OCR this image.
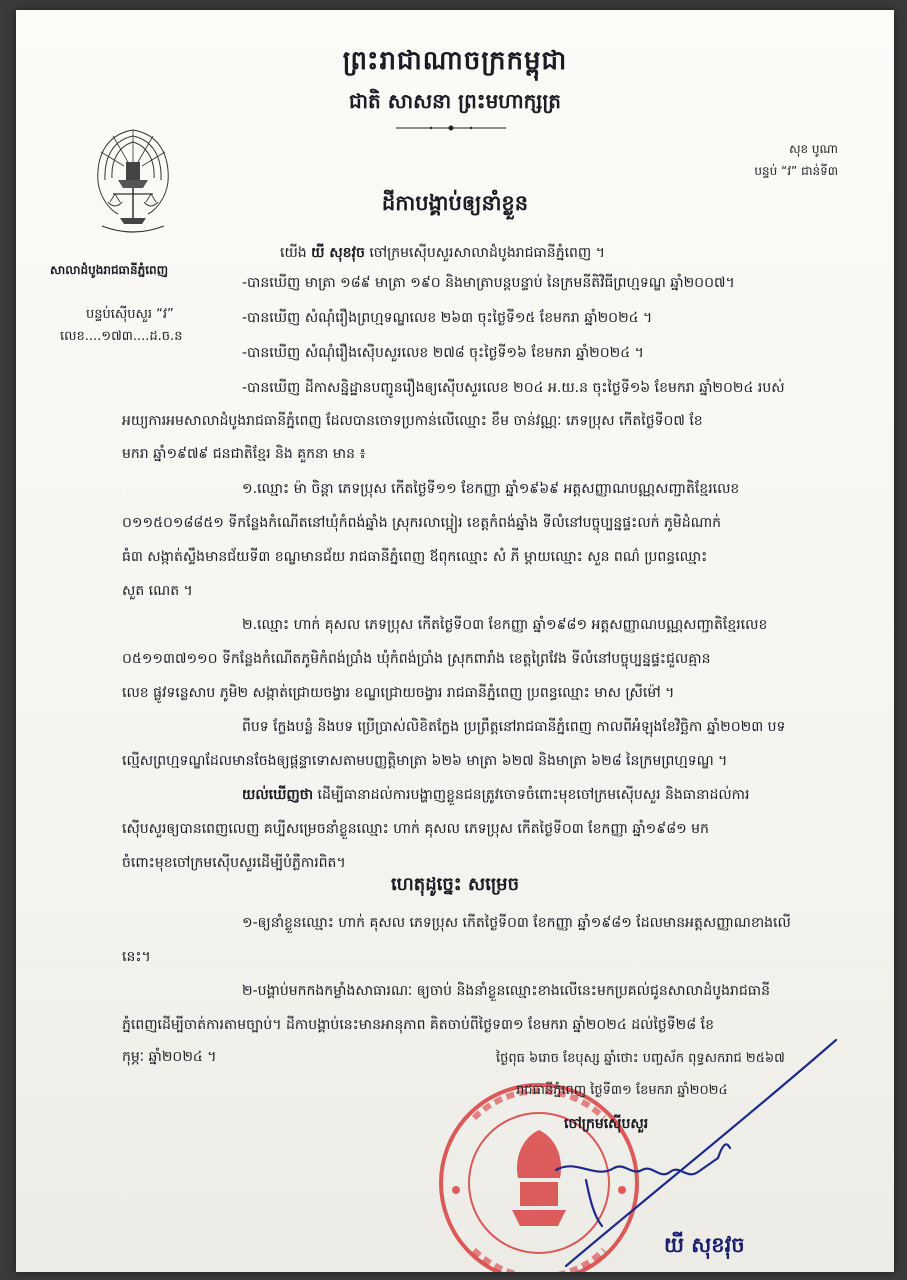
ព្រះរាជាណាចក្រកម្ពុជា
ជាតិ សាសនា ព្រះមហាក្សត្រ
សាលាដំបូងរាជធានីភ្នំពេញ
បន្ទប់ស៊ើបសួរ “វ”
លេខ....១៧៣....ដ.ច.ន
សុខ បូណា
បន្ទប់ “វ” ជាន់ទី៣
ដីកាបង្គាប់ឲ្យនាំខ្លួន
យើង យី សុខវុច ចៅក្រមស៊ើបសួរសាលាដំបូងរាជធានីភ្នំពេញ ។
-បានឃើញ មាត្រា ១៨៩ មាត្រា ១៩០ និងមាត្រាបន្តបន្ទាប់ នៃក្រមនីតិវិធីព្រហ្មទណ្ឌ ឆ្នាំ២០០៧។
-បានឃើញ សំណុំរឿងព្រហ្មទណ្ឌលេខ ២៦៣ ចុះថ្ងៃទី១៥ ខែមករា ឆ្នាំ២០២៤ ។
-បានឃើញ សំណុំរឿងស៊ើបសួរលេខ ២៧៨ ចុះថ្ងៃទី១៦ ខែមករា ឆ្នាំ២០២៤ ។
-បានឃើញ ដីកាសន្និដ្ឋានបញ្ជូនរឿងឲ្យស៊ើបសួរលេខ ២០៤ អ.យ.ន ចុះថ្ងៃទី១៦ ខែមករា ឆ្នាំ២០២៤ របស់
អយ្យការអមសាលាដំបូងរាជធានីភ្នំពេញ ដែលបានចោទប្រកាន់លើឈ្មោះ ខឹម ចាន់វណ្ណៈ ភេទប្រុស កើតថ្ងៃទី០៧ ខែ
មករា ឆ្នាំ១៩៧៩ ជនជាតិខ្មែរ និង គួកនា មាន ៖
១.ឈ្មោះ ម៉ា ចិន្តា ភេទប្រុស កើតថ្ងៃទី១១ ខែកញ្ញា ឆ្នាំ១៩៦៩ អត្តសញ្ញាណបណ្ណសញ្ជាតិខ្មែរលេខ
០១១៥០១៨៨៥១ ទីកន្លែងកំណើតនៅឃុំកំពង់ឆ្នាំង ស្រុករលាប្អៀរ ខេត្តកំពង់ឆ្នាំង ទីលំនៅបច្ចុប្បន្នផ្ទះលក់ ភូមិដំណាក់
ធំ៣ សង្កាត់ស្ទឹងមានជ័យទី៣ ខណ្ឌមានជ័យ រាជធានីភ្នំពេញ ឪពុកឈ្មោះ សំ ភី ម្ដាយឈ្មោះ សួន ពណ៌ ប្រពន្ធឈ្មោះ
សួត ណេត ។
២.ឈ្មោះ ហាក់ គុសល ភេទប្រុស កើតថ្ងៃទី០៣ ខែកញ្ញា ឆ្នាំ១៩៨១ អត្តសញ្ញាណបណ្ណសញ្ជាតិខ្មែរលេខ
០៥១១៣៧១១០ ទីកន្លែងកំណើតភូមិកំពង់ប្រាំង ឃុំកំពង់ប្រាំង ស្រុកពារាំង ខេត្តព្រៃវែង ទីលំនៅបច្ចុប្បន្នផ្ទះជួលគ្មាន
លេខ ផ្លូវទន្លេសាប ភូមិ២ សង្កាត់ជ្រោយចង្វារ ខណ្ឌជ្រោយចង្វារ រាជធានីភ្នំពេញ ប្រពន្ធឈ្មោះ មាស ស្រីម៉ៅ ។
ពីបទ ក្លែងបន្លំ និងបទ ប្រើប្រាស់លិខិតក្លែង ប្រព្រឹត្តនៅរាជធានីភ្នំពេញ កាលពីអំឡុងខែវិច្ឆិកា ឆ្នាំ២០២៣ បទ
ល្មើសព្រហ្មទណ្ឌដែលមានចែងឲ្យផ្ដន្ទាទោសតាមបញ្ញត្តិមាត្រា ៦២៦ មាត្រា ៦២៧ និងមាត្រា ៦២៨ នៃក្រមព្រហ្មទណ្ឌ ។
យល់ឃើញថា ដើម្បីធានាដល់ការបង្ហាញខ្លួនជនត្រូវចោទចំពោះមុខចៅក្រមស៊ើបសួរ និងធានាដល់ការ
ស៊ើបសួរឲ្យបានពេញលេញ គប្បីសម្រេចនាំខ្លួនឈ្មោះ ហាក់ គុសល ភេទប្រុស កើតថ្ងៃទី០៣ ខែកញ្ញា ឆ្នាំ១៩៨១ មក
ចំពោះមុខចៅក្រមស៊ើបសួរដើម្បីបំភ្លឺការពិត។
ហេតុដូច្នេះ សម្រេច
១-ឲ្យនាំខ្លួនឈ្មោះ ហាក់ គុសល ភេទប្រុស កើតថ្ងៃទី០៣ ខែកញ្ញា ឆ្នាំ១៩៨១ ដែលមានអត្តសញ្ញាណខាងលើ
នេះ។
២-បង្គាប់មកកងកម្លាំងសាធារណៈ ឲ្យចាប់ និងនាំខ្លួនឈ្មោះខាងលើនេះមកប្រគល់ជូនសាលាដំបូងរាជធានី
ភ្នំពេញដើម្បីចាត់ការតាមច្បាប់។ ដីកាបង្គាប់នេះមានអានុភាព គិតចាប់ពីថ្ងៃទ៣១ ខែមករា ឆ្នាំ២០២៤ ដល់ថ្ងៃទី២៨ ខែ
កុម្ភៈ ឆ្នាំ២០២៤ ។	ថ្ងៃពុធ ៦រោច ខែបុស្ស ឆ្នាំថោះ បញ្ចស័ក ពុទ្ធសករាជ ២៥៦៧
រាជធានីភ្នំពេញ ថ្ងៃទី៣១ ខែមករា ឆ្នាំ២០២៤
ចៅក្រមស៊ើបសួរ
យី សុខវុច
